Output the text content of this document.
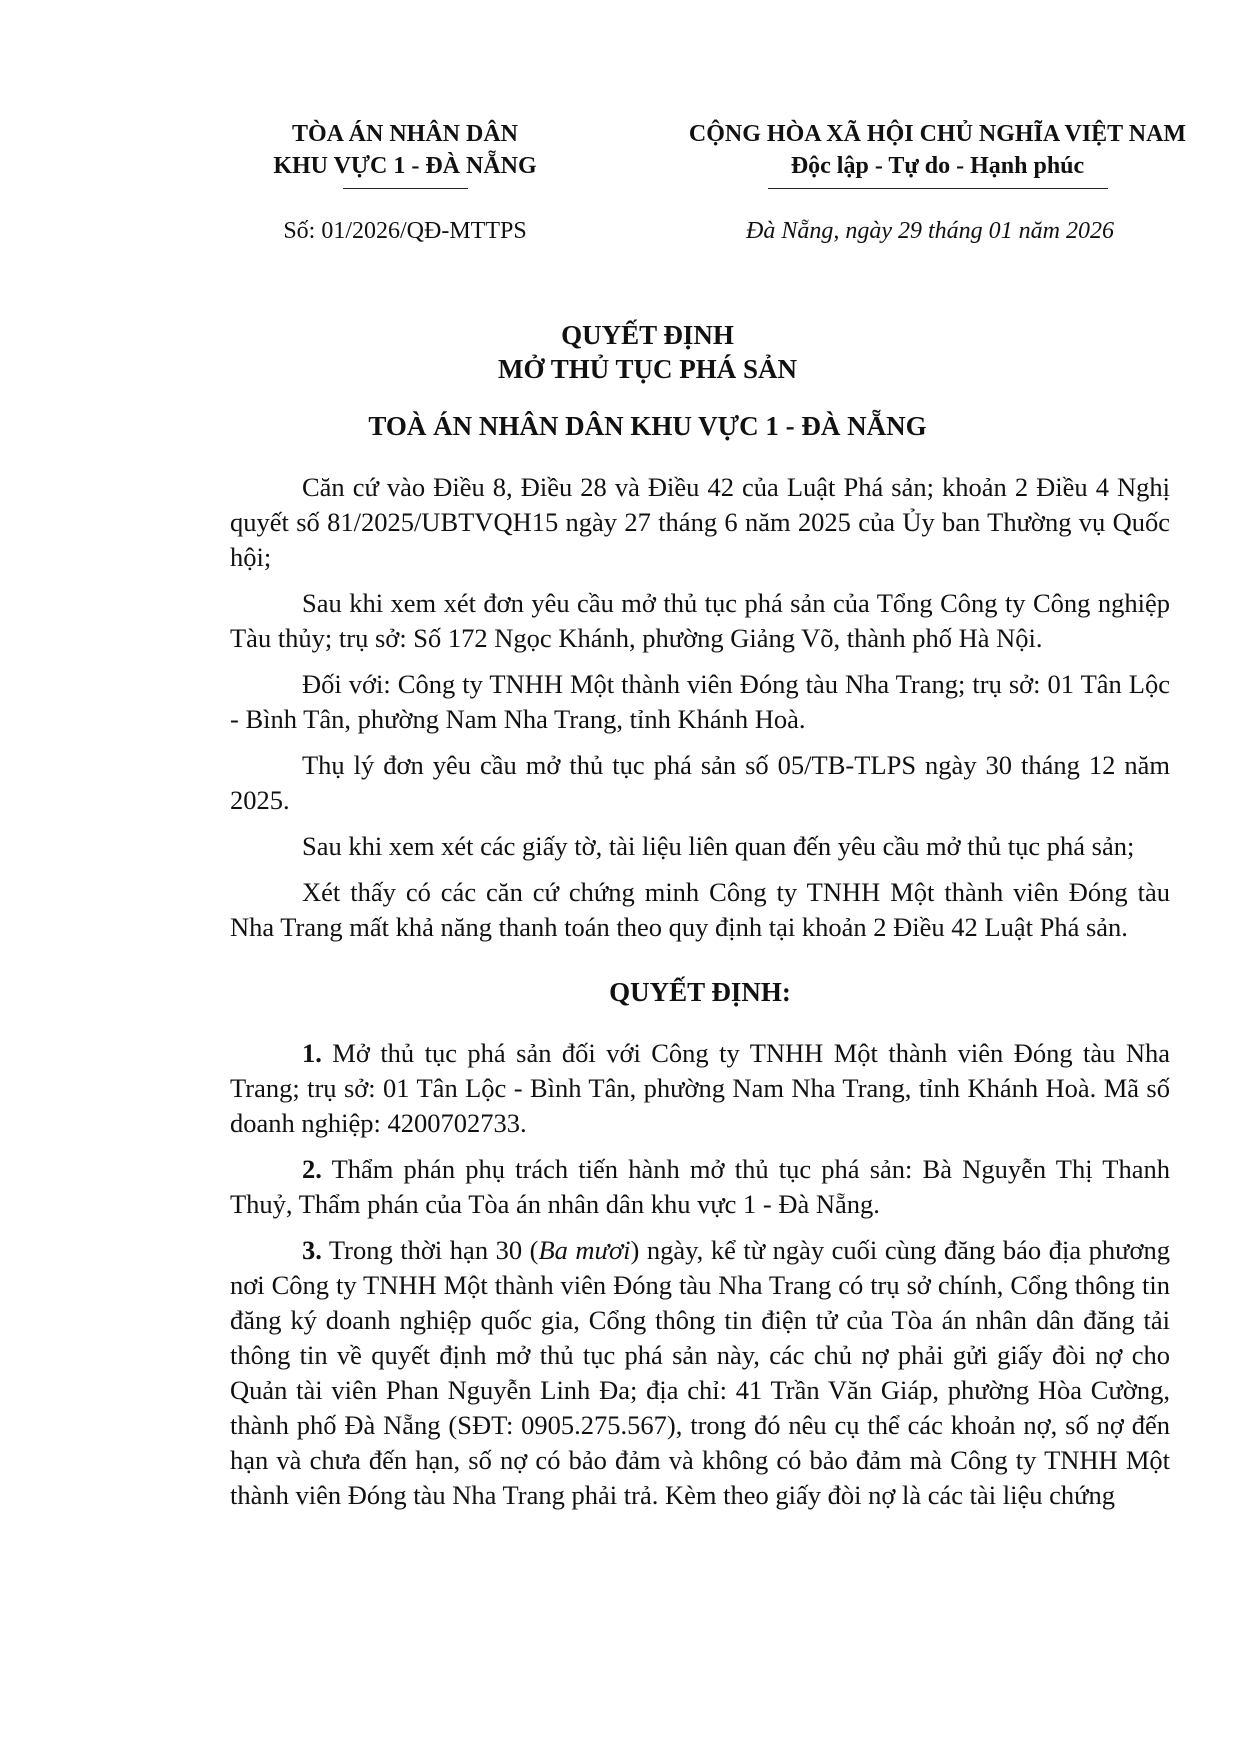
TÒA ÁN NHÂN DÂN
KHU VỰC 1 - ĐÀ NẴNG
CỘNG HÒA XÃ HỘI CHỦ NGHĨA VIỆT NAM
Độc lập - Tự do - Hạnh phúc
Số: 01/2026/QĐ-MTTPS	Đà Nẵng, ngày 29 tháng 01 năm 2026
QUYẾT ĐỊNH
MỞ THỦ TỤC PHÁ SẢN
TOÀ ÁN NHÂN DÂN KHU VỰC 1 - ĐÀ NẴNG

Căn cứ vào Điều 8, Điều 28 và Điều 42 của Luật Phá sản; khoản 2 Điều 4 Nghị quyết số 81/2025/UBTVQH15 ngày 27 tháng 6 năm 2025 của Ủy ban Thường vụ Quốc hội;

Sau khi xem xét đơn yêu cầu mở thủ tục phá sản của Tổng Công ty Công nghiệp Tàu thủy; trụ sở: Số 172 Ngọc Khánh, phường Giảng Võ, thành phố Hà Nội.

Đối với: Công ty TNHH Một thành viên Đóng tàu Nha Trang; trụ sở: 01 Tân Lộc - Bình Tân, phường Nam Nha Trang, tỉnh Khánh Hoà.

Thụ lý đơn yêu cầu mở thủ tục phá sản số 05/TB-TLPS ngày 30 tháng 12 năm 2025.

Sau khi xem xét các giấy tờ, tài liệu liên quan đến yêu cầu mở thủ tục phá sản;

Xét thấy có các căn cứ chứng minh Công ty TNHH Một thành viên Đóng tàu Nha Trang mất khả năng thanh toán theo quy định tại khoản 2 Điều 42 Luật Phá sản.

QUYẾT ĐỊNH:

1. Mở thủ tục phá sản đối với Công ty TNHH Một thành viên Đóng tàu Nha Trang; trụ sở: 01 Tân Lộc - Bình Tân, phường Nam Nha Trang, tỉnh Khánh Hoà. Mã số doanh nghiệp: 4200702733.

2. Thẩm phán phụ trách tiến hành mở thủ tục phá sản: Bà Nguyễn Thị Thanh Thuỷ, Thẩm phán của Tòa án nhân dân khu vực 1 - Đà Nẵng.

3. Trong thời hạn 30 (Ba mươi) ngày, kể từ ngày cuối cùng đăng báo địa phương nơi Công ty TNHH Một thành viên Đóng tàu Nha Trang có trụ sở chính, Cổng thông tin đăng ký doanh nghiệp quốc gia, Cổng thông tin điện tử của Tòa án nhân dân đăng tải thông tin về quyết định mở thủ tục phá sản này, các chủ nợ phải gửi giấy đòi nợ cho Quản tài viên Phan Nguyễn Linh Đa; địa chỉ: 41 Trần Văn Giáp, phường Hòa Cường, thành phố Đà Nẵng (SĐT: 0905.275.567), trong đó nêu cụ thể các khoản nợ, số nợ đến hạn và chưa đến hạn, số nợ có bảo đảm và không có bảo đảm mà Công ty TNHH Một thành viên Đóng tàu Nha Trang phải trả. Kèm theo giấy đòi nợ là các tài liệu chứng
